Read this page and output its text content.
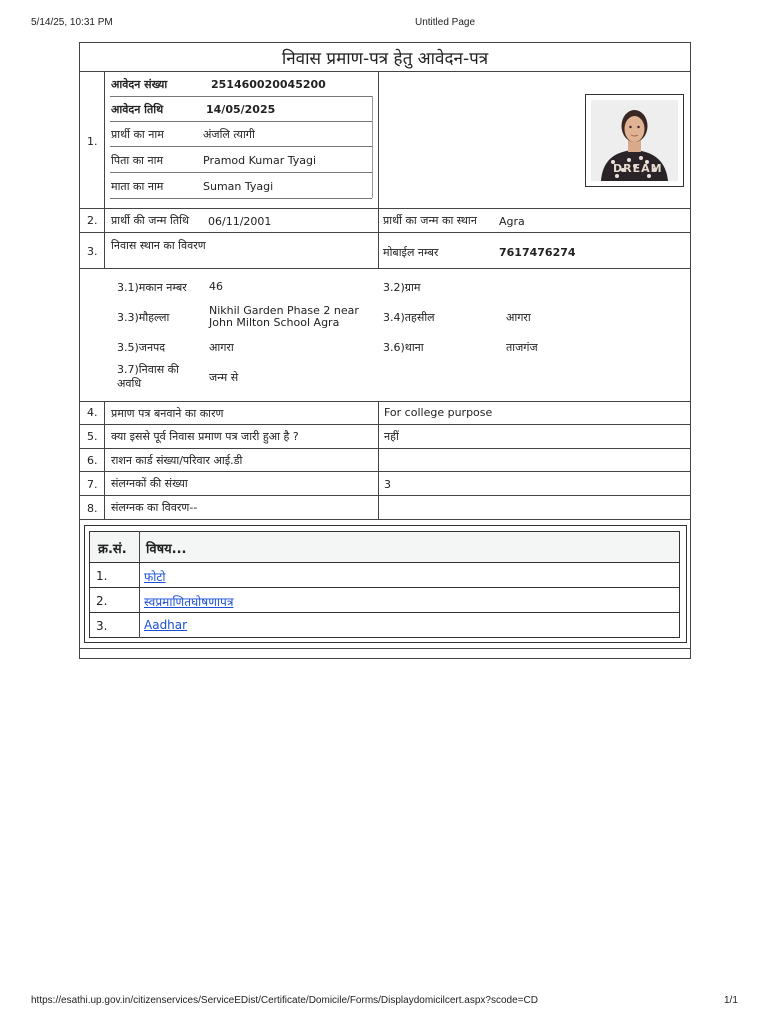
5/14/25, 10:31 PM	Untitled Page
https://esathi.up.gov.in/citizenservices/ServiceEDist/Certificate/Domicile/Forms/Displaydomicilcert.aspx?scode=CD	1/1
निवास प्रमाण-पत्र हेतु आवेदन-पत्र
1.
आवेदन संख्या	251460020045200
आवेदन तिथि	14/05/2025
प्रार्थी का नाम	अंजलि त्यागी
पिता का नाम	Pramod Kumar Tyagi
माता का नाम	Suman Tyagi
DREAM
2. प्रार्थी की जन्म तिथि 06/11/2001	प्रार्थी का जन्म का स्थान Agra
3. निवास स्थान का विवरण
मोबाईल नम्बर	7617476274
3.1)मकान नम्बर 46	3.2)ग्राम
3.3)मौहल्ला
Nikhil Garden Phase 2 near
John Milton School Agra	3.4)तहसील	आगरा
3.5)जनपद	आगरा	3.6)थाना	ताजगंज
3.7)निवास की
अवधि	जन्म से
4. प्रमाण पत्र बनवाने का कारण	For college purpose
5. क्या इससे पूर्व निवास प्रमाण पत्र जारी हुआ है ?	नहीं
6. राशन कार्ड संख्या/परिवार आई.डी
7. संलग्नकों की संख्या	3
8. संलग्नक का विवरण--
क्र.सं. विषय...
1.	फोटो
2.	स्वप्रमाणितघोषणापत्र
3.	Aadhar
